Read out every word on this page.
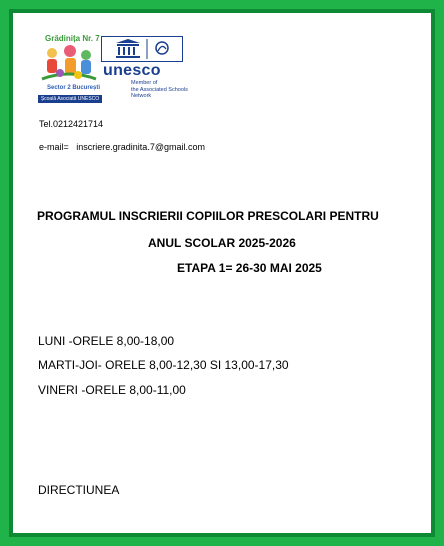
Grădinița Nr. 7
Sector 2 București
Școală Asociată UNESCO
unesco
Member of
the Associated Schools
Network
Tel.0212421714
e-mail= inscriere.gradinita.7@gmail.com
PROGRAMUL INSCRIERII COPIILOR PRESCOLARI PENTRU
ANUL SCOLAR 2025-2026
ETAPA 1= 26-30 MAI 2025
LUNI -ORELE 8,00-18,00
MARTI-JOI- ORELE 8,00-12,30 SI 13,00-17,30
VINERI -ORELE 8,00-11,00
DIRECTIUNEA
